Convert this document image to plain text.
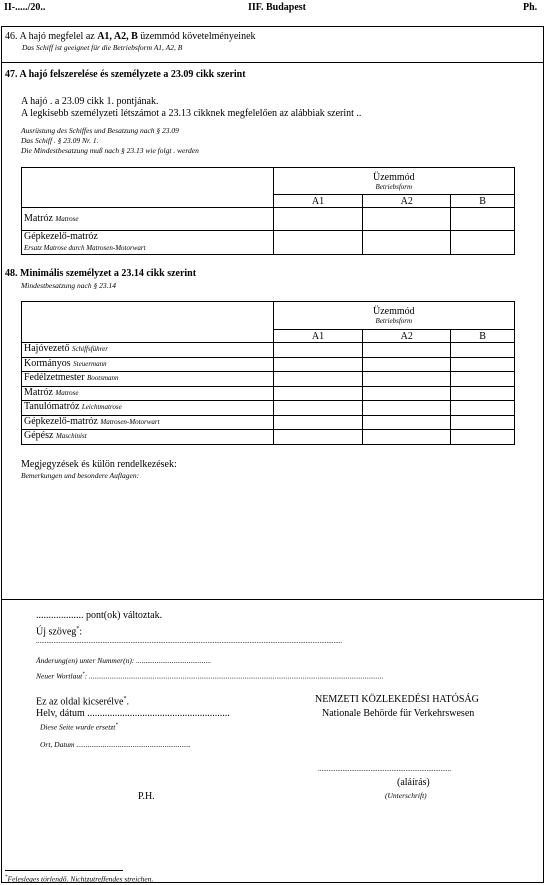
II-...../20..	IIF. Budapest	Ph.
46. A hajó megfelel az A1, A2, B üzemmód követelményeinek
Das Schiff ist geeignet für die Betriebsform A1, A2, B
47. A hajó felszerelése és személyzete a 23.09 cikk szerint
A hajó . a 23.09 cikk 1. pontjának.
A legkisebb személyzeti létszámot a 23.13 cikknek megfelelően az alábbiak szerint ..
Ausrüstung des Schiffes und Besatzung nach § 23.09
Das Schiff . § 23.09 Nr. 1.
Die Mindestbesatzung muß nach § 23.13 wie folgt . werden

	Üzemmód
Betriebsform		

	A1	A2	B
Matróz Matrose			
Gépkezelő-matróz
Ersatz Matrose durch Matrosen-Motorwart			
48. Minimális személyzet a 23.14 cikk szerint
Mindestbesatzung nach § 23.14

	Üzemmód
Betriebsform		

	A1	A2	B
Hajóvezető Schiffsführer			
Kormányos Steuermann			
Fedélzetmester Bootsmann			
Matróz Matrose			
Tanulómatróz Leichtmatrose			
Gépkezelő-matróz Matrosen-Motorwart			
Gépész Maschinist			
Megjegyzések és külön rendelkezések:
Bemerkungen und besondere Auflagen:
................... pont(ok) változtak.
Új szöveg*:
...............................................................................................................................................................................
Änderung(en) unter Nummer(n): ........................................
Neuer Wortlaut*: .............................................................................................................................................................
Ez az oldal kicserélve*.
Helv, dátum .........................................................
Diese Seite wurde ersetzt*
Ort, Datum .............................................................
NEMZETI KÖZLEKEDÉSI HATÓSÁG
Nationale Behörde für Verkehrswesen
............................................................................
(aláírás)
(Unterschrift)
P.H.
*Felesleges törlendő. Nichtzutreffendes streichen.
